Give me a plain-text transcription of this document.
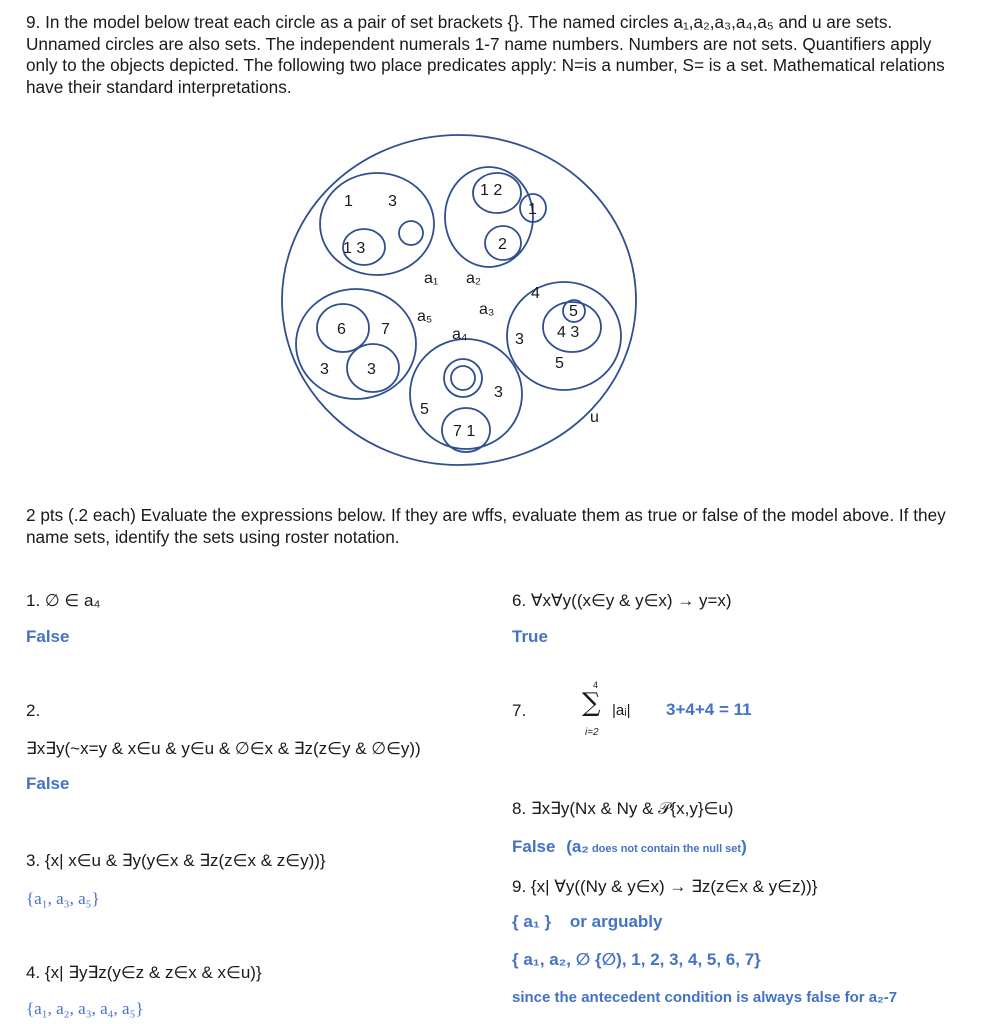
9. In the model below treat each circle as a pair of set brackets {}. The named circles a₁,a₂,a₃,a₄,a₅ and u are sets. Unnamed circles are also sets. The independent numerals 1-7 name numbers. Numbers are not sets. Quantifiers apply only to the objects depicted. The following two place predicates apply: N=is a number, S= is a set. Mathematical relations have their standard interpretations.
1 3
1 3
1 2
1
2
a₁ a₂
a₅	a₃
a₄
6 7
3 3
4
5
4 3
5
3
3
7 1
5	u
2 pts (.2 each) Evaluate the expressions below. If they are wffs, evaluate them as true or false of the model above. If they name sets, identify the sets using roster notation.
1. ∅ ∈ a₄
False
2.
∃x∃y(~x=y & x∈u & y∈u & ∅∈x & ∃z(z∈y & ∅∈y))
False
3. {x| x∈u & ∃y(y∈x & ∃z(z∈x & z∈y))}
{a₁, a₃, a₅}
4. {x| ∃y∃z(y∈z & z∈x & x∈u)}
{a₁, a₂, a₃, a₄, a₅}
6. ∀x∀y((x∈y & y∈x) → y=x)
True
7.
4
∑
i=2
|aᵢ| 3+4+4 = 11
8. ∃x∃y(Nx & Ny & 𝒫{x,y}∈u)
False (a₂ does not contain the null set)
9. {x| ∀y((Ny & y∈x) → ∃z(z∈x & y∈z))}
{ a₁ } or arguably
{ a₁, a₂, ∅ {∅), 1, 2, 3, 4, 5, 6, 7}
since the antecedent condition is always false for a₂-7
